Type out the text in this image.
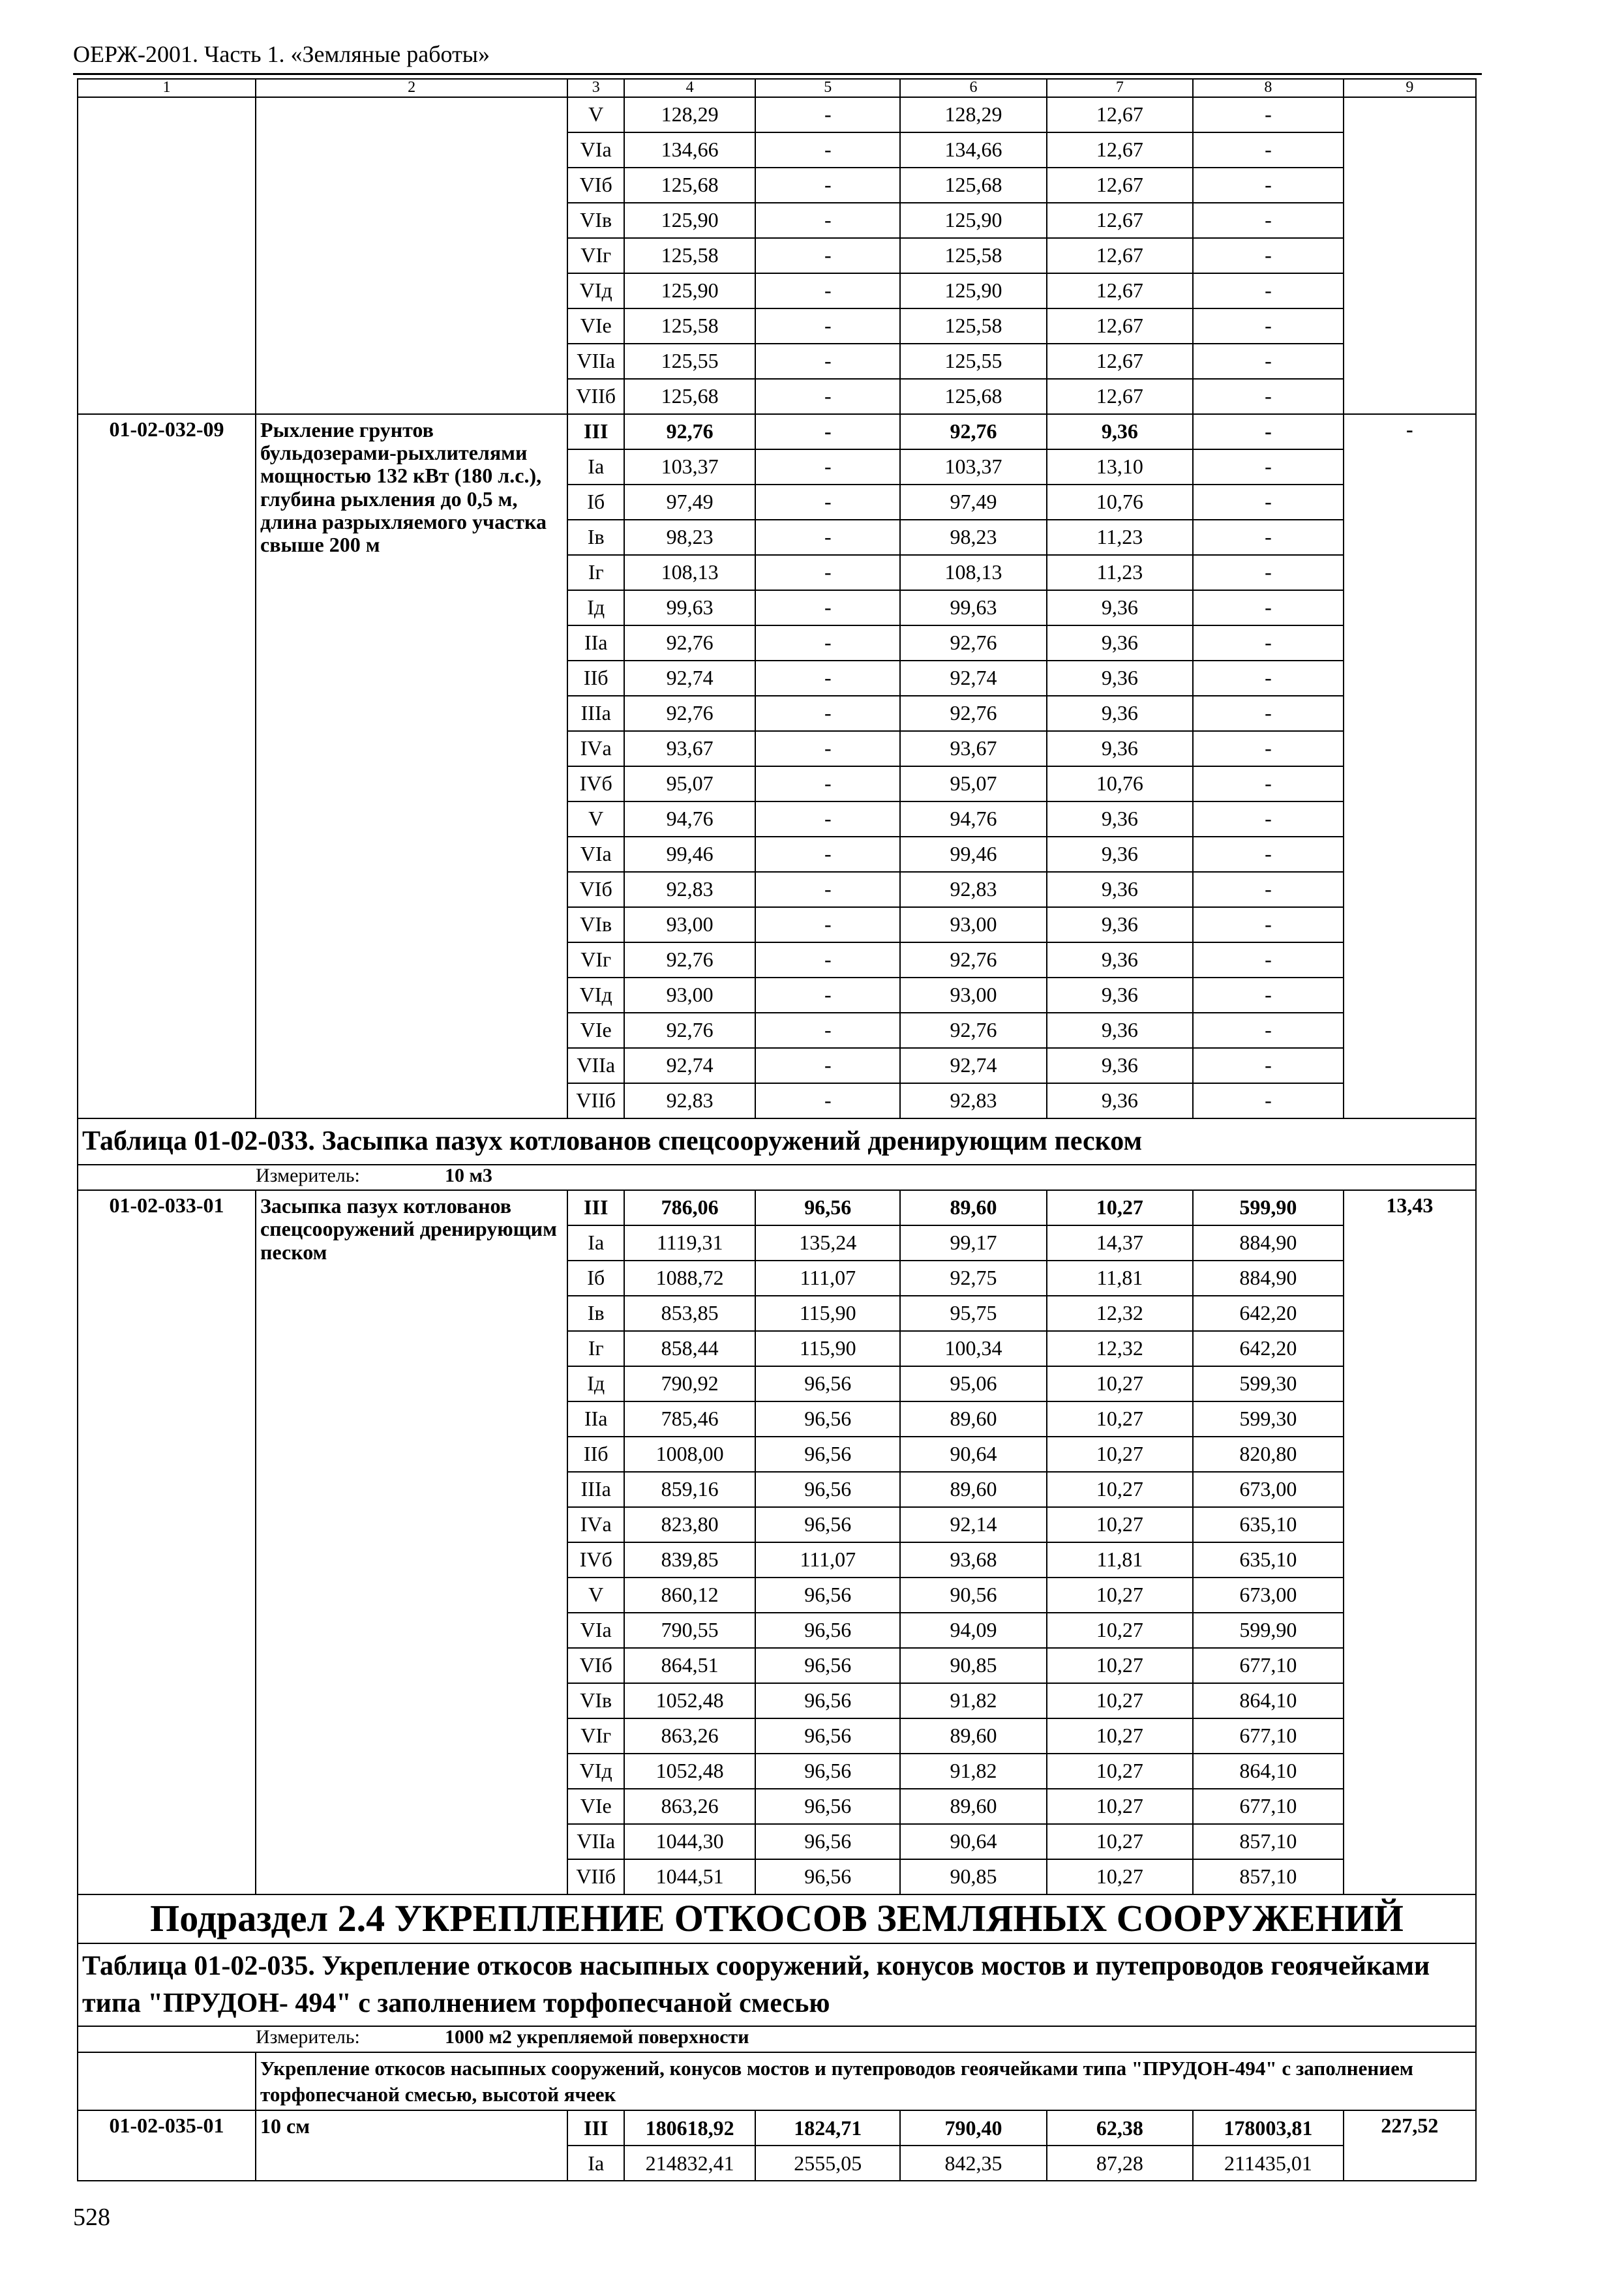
ОЕРЖ-2001. Часть 1. «Земляные работы»
1	2	3	4	5	6	7	8	9
		V	128,29	-	128,29	12,67	-	
		VIa	134,66	-	134,66	12,67	-	
		VIб	125,68	-	125,68	12,67	-	
		VIв	125,90	-	125,90	12,67	-	
		VIг	125,58	-	125,58	12,67	-	
		VIд	125,90	-	125,90	12,67	-	
		VIе	125,58	-	125,58	12,67	-	
		VIIа	125,55	-	125,55	12,67	-	
		VIIб	125,68	-	125,68	12,67	-	
01-02-032-09	Рыхление грунтов бульдозерами-рыхлителями мощностью 132 кВт (180 л.с.), глубина рыхления до 0,5 м, длина разрыхляемого участка свыше 200 м	III	92,76	-	92,76	9,36	-	-
		Iа	103,37	-	103,37	13,10	-	
		Iб	97,49	-	97,49	10,76	-	
		Iв	98,23	-	98,23	11,23	-	
		Iг	108,13	-	108,13	11,23	-	
		Iд	99,63	-	99,63	9,36	-	
		IIа	92,76	-	92,76	9,36	-	
		IIб	92,74	-	92,74	9,36	-	
		IIIа	92,76	-	92,76	9,36	-	
		IVа	93,67	-	93,67	9,36	-	
		IVб	95,07	-	95,07	10,76	-	
		V	94,76	-	94,76	9,36	-	
		VIа	99,46	-	99,46	9,36	-	
		VIб	92,83	-	92,83	9,36	-	
		VIв	93,00	-	93,00	9,36	-	
		VIг	92,76	-	92,76	9,36	-	
		VIд	93,00	-	93,00	9,36	-	
		VIе	92,76	-	92,76	9,36	-	
		VIIа	92,74	-	92,74	9,36	-	
		VIIб	92,83	-	92,83	9,36	-	
Таблица 01-02-033. Засыпка пазух котлованов спецсооружений дренирующим песком								
Измеритель: 10 м3								
01-02-033-01	Засыпка пазух котлованов спецсооружений дренирующим песком	III	786,06	96,56	89,60	10,27	599,90	13,43
		Iа	1119,31	135,24	99,17	14,37	884,90	
		Iб	1088,72	111,07	92,75	11,81	884,90	
		Iв	853,85	115,90	95,75	12,32	642,20	
		Iг	858,44	115,90	100,34	12,32	642,20	
		Iд	790,92	96,56	95,06	10,27	599,30	
		IIа	785,46	96,56	89,60	10,27	599,30	
		IIб	1008,00	96,56	90,64	10,27	820,80	
		IIIа	859,16	96,56	89,60	10,27	673,00	
		IVа	823,80	96,56	92,14	10,27	635,10	
		IVб	839,85	111,07	93,68	11,81	635,10	
		V	860,12	96,56	90,56	10,27	673,00	
		VIа	790,55	96,56	94,09	10,27	599,90	
		VIб	864,51	96,56	90,85	10,27	677,10	
		VIв	1052,48	96,56	91,82	10,27	864,10	
		VIг	863,26	96,56	89,60	10,27	677,10	
		VIд	1052,48	96,56	91,82	10,27	864,10	
		VIе	863,26	96,56	89,60	10,27	677,10	
		VIIа	1044,30	96,56	90,64	10,27	857,10	
		VIIб	1044,51	96,56	90,85	10,27	857,10	
Подраздел 2.4 УКРЕПЛЕНИЕ ОТКОСОВ ЗЕМЛЯНЫХ СООРУЖЕНИЙ								
Таблица 01-02-035. Укрепление откосов насыпных сооружений, конусов мостов и путепроводов геоячейками типа "ПРУДОН- 494" с заполнением торфопесчаной смесью								
Измеритель: 1000 м2 укрепляемой поверхности								
	Укрепление откосов насыпных сооружений, конусов мостов и путепроводов геоячейками типа "ПРУДОН-494" с заполнением торфопесчаной смесью, высотой ячеек							
01-02-035-01	10 см	III	180618,92	1824,71	790,40	62,38	178003,81	227,52
		Iа	214832,41	2555,05	842,35	87,28	211435,01	
528
